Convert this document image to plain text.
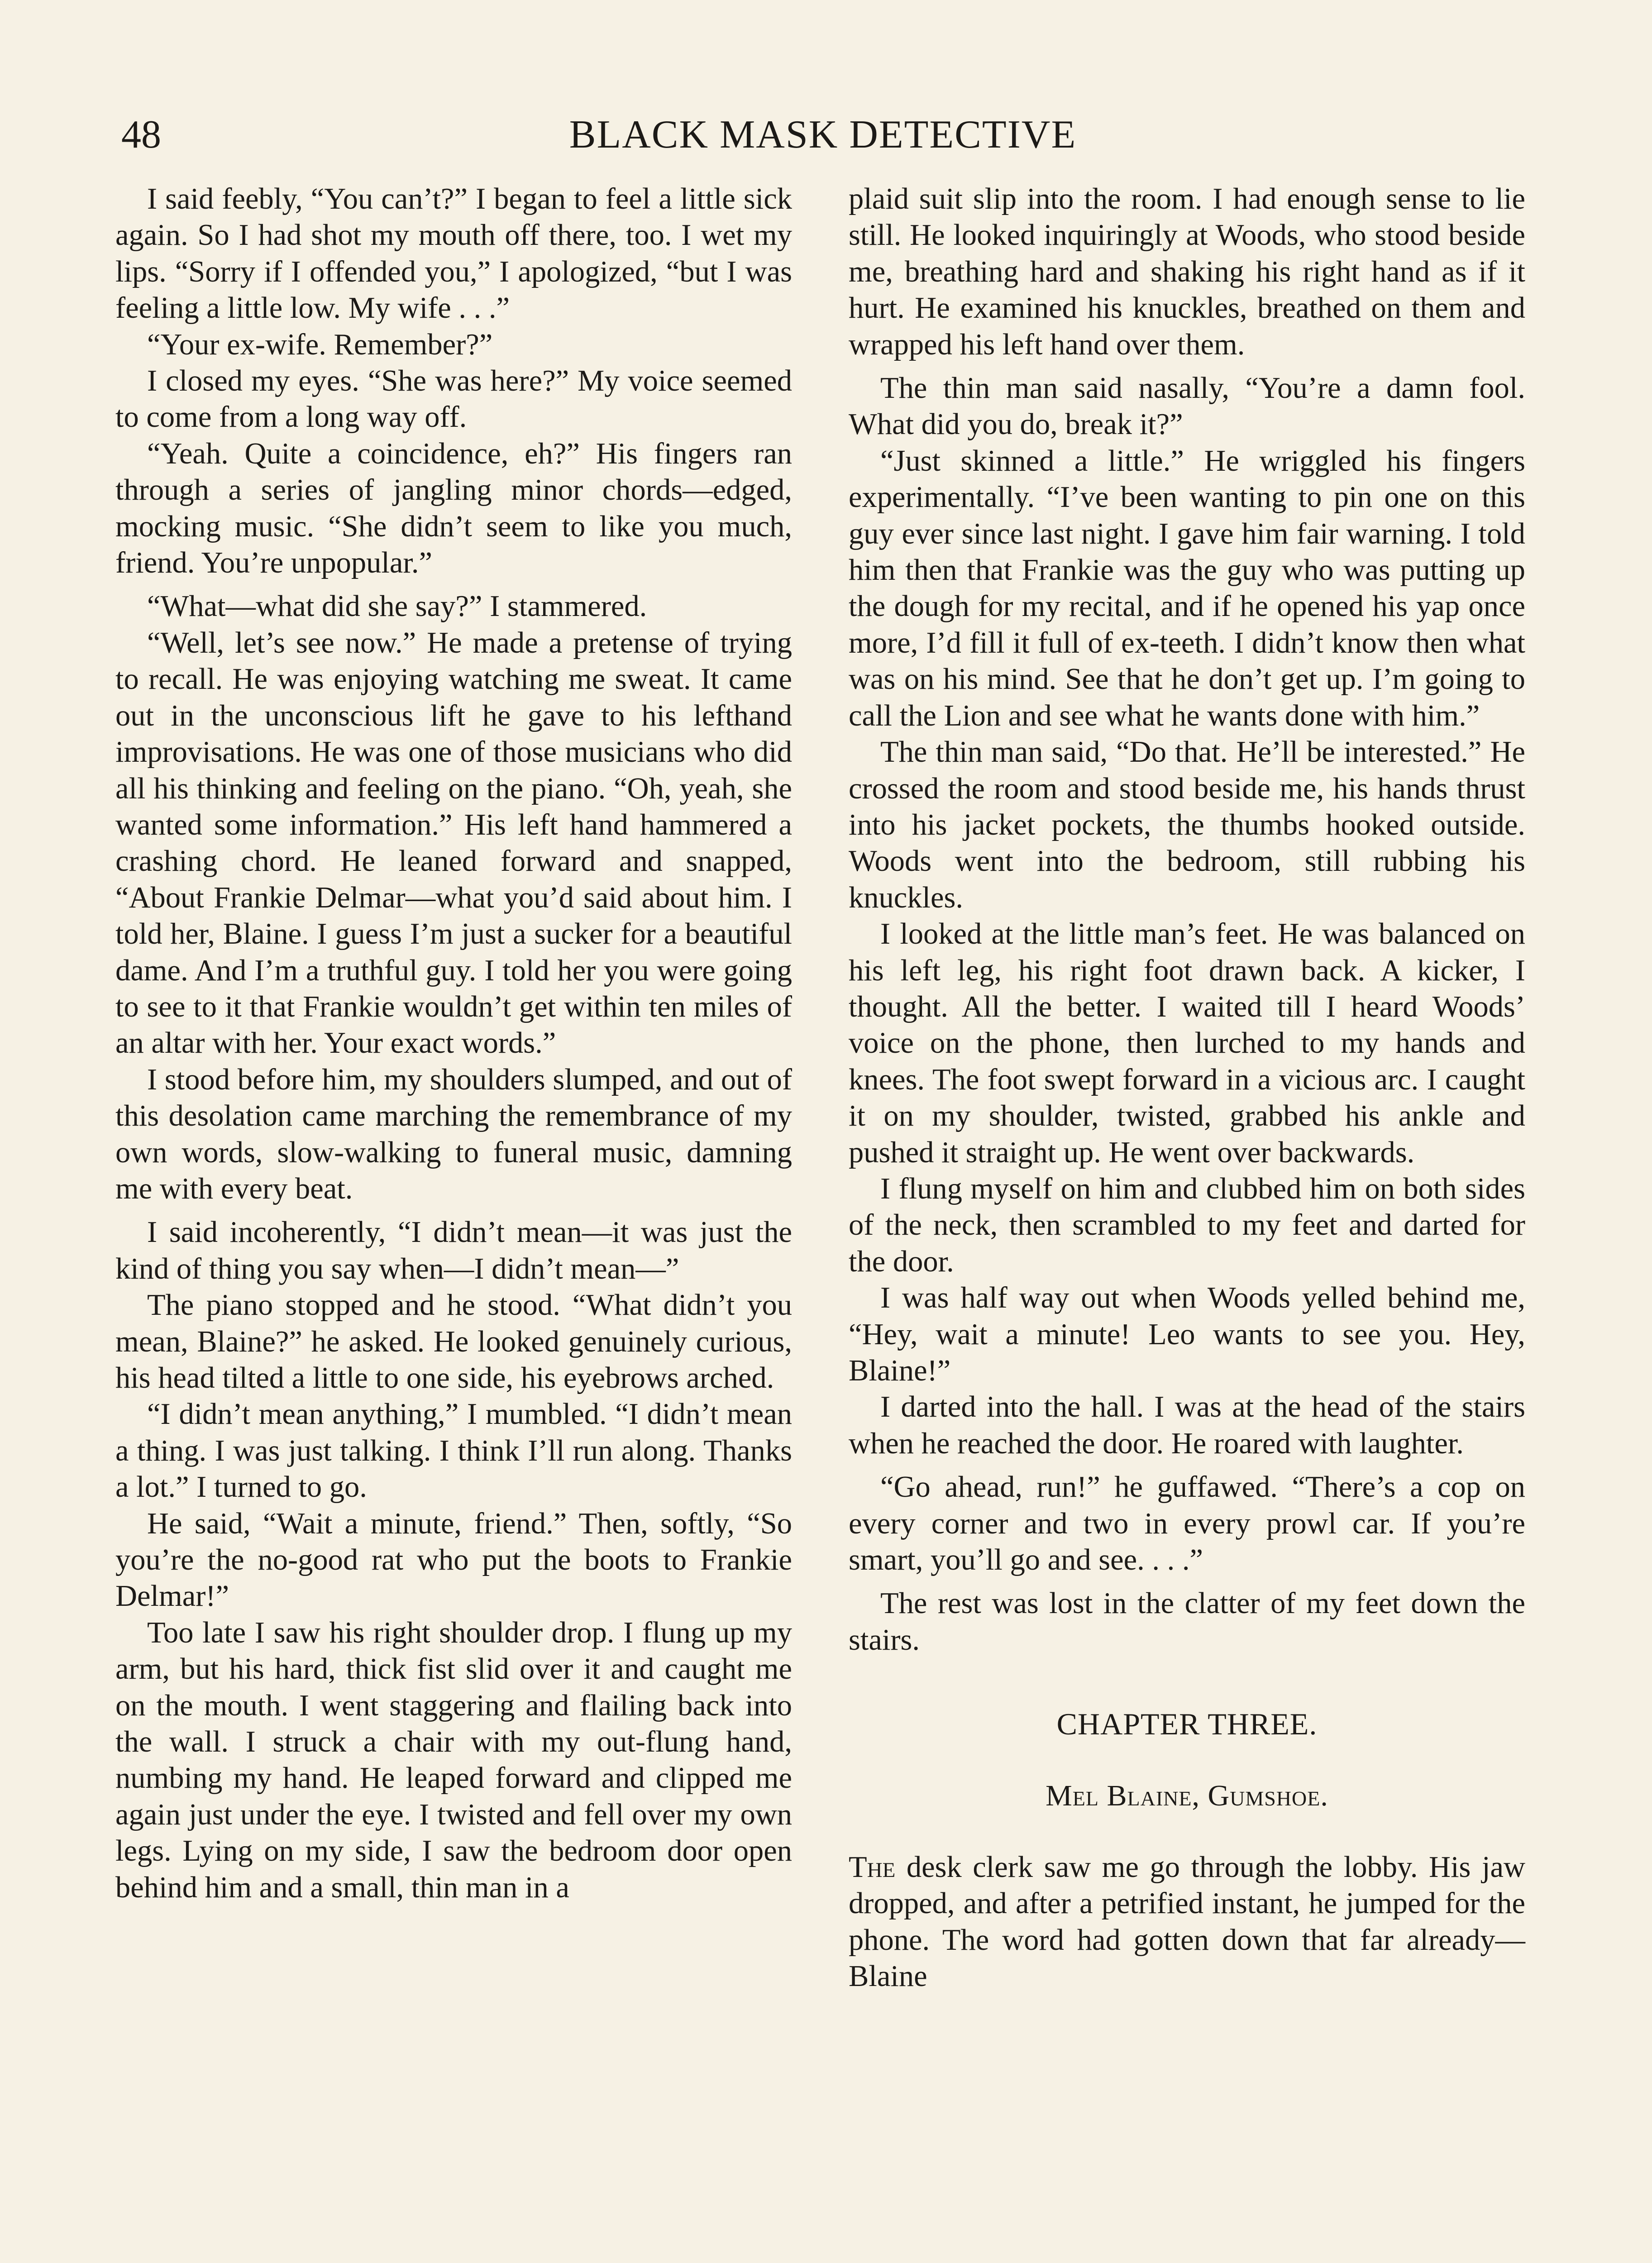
48	BLACK MASK DETECTIVE

I said feebly, “You can’t?” I began to feel a little sick again. So I had shot my mouth off there, too. I wet my lips. “Sorry if I offended you,” I apologized, “but I was feeling a little low. My wife . . .”

“Your ex-wife. Remember?”

I closed my eyes. “She was here?” My voice seemed to come from a long way off.

“Yeah. Quite a coincidence, eh?” His fingers ran through a series of jangling minor chords—edged, mocking music. “She didn’t seem to like you much, friend. You’re unpopular.”

“What—what did she say?” I stammered.

“Well, let’s see now.” He made a pretense of trying to recall. He was enjoying watching me sweat. It came out in the unconscious lift he gave to his lefthand improvisations. He was one of those musicians who did all his thinking and feeling on the piano. “Oh, yeah, she wanted some information.” His left hand hammered a crashing chord. He leaned forward and snapped, “About Frankie Delmar—what you’d said about him. I told her, Blaine. I guess I’m just a sucker for a beautiful dame. And I’m a truthful guy. I told her you were going to see to it that Frankie wouldn’t get within ten miles of an altar with her. Your exact words.”

I stood before him, my shoulders slumped, and out of this desolation came marching the remembrance of my own words, slow-walking to funeral music, damning me with every beat.

I said incoherently, “I didn’t mean—it was just the kind of thing you say when—I didn’t mean—”

The piano stopped and he stood. “What didn’t you mean, Blaine?” he asked. He looked genuinely curious, his head tilted a little to one side, his eyebrows arched.

“I didn’t mean anything,” I mumbled. “I didn’t mean a thing. I was just talking. I think I’ll run along. Thanks a lot.” I turned to go.

He said, “Wait a minute, friend.” Then, softly, “So you’re the no-good rat who put the boots to Frankie Delmar!”

Too late I saw his right shoulder drop. I flung up my arm, but his hard, thick fist slid over it and caught me on the mouth. I went staggering and flailing back into the wall. I struck a chair with my out-flung hand, numbing my hand. He leaped forward and clipped me again just under the eye. I twisted and fell over my own legs. Lying on my side, I saw the bedroom door open behind him and a small, thin man in a

plaid suit slip into the room. I had enough sense to lie still. He looked inquiringly at Woods, who stood beside me, breathing hard and shaking his right hand as if it hurt. He examined his knuckles, breathed on them and wrapped his left hand over them.

The thin man said nasally, “You’re a damn fool. What did you do, break it?”

“Just skinned a little.” He wriggled his fingers experimentally. “I’ve been wanting to pin one on this guy ever since last night. I gave him fair warning. I told him then that Frankie was the guy who was putting up the dough for my recital, and if he opened his yap once more, I’d fill it full of ex-teeth. I didn’t know then what was on his mind. See that he don’t get up. I’m going to call the Lion and see what he wants done with him.”

The thin man said, “Do that. He’ll be interested.” He crossed the room and stood beside me, his hands thrust into his jacket pockets, the thumbs hooked outside. Woods went into the bedroom, still rubbing his knuckles.

I looked at the little man’s feet. He was balanced on his left leg, his right foot drawn back. A kicker, I thought. All the better. I waited till I heard Woods’ voice on the phone, then lurched to my hands and knees. The foot swept forward in a vicious arc. I caught it on my shoulder, twisted, grabbed his ankle and pushed it straight up. He went over backwards.

I flung myself on him and clubbed him on both sides of the neck, then scrambled to my feet and darted for the door.

I was half way out when Woods yelled behind me, “Hey, wait a minute! Leo wants to see you. Hey, Blaine!”

I darted into the hall. I was at the head of the stairs when he reached the door. He roared with laughter.

“Go ahead, run!” he guffawed. “There’s a cop on every corner and two in every prowl car. If you’re smart, you’ll go and see. . . .”

The rest was lost in the clatter of my feet down the stairs.

CHAPTER THREE.

Mel Blaine, Gumshoe.

The desk clerk saw me go through the lobby. His jaw dropped, and after a petrified instant, he jumped for the phone. The word had gotten down that far already—Blaine
